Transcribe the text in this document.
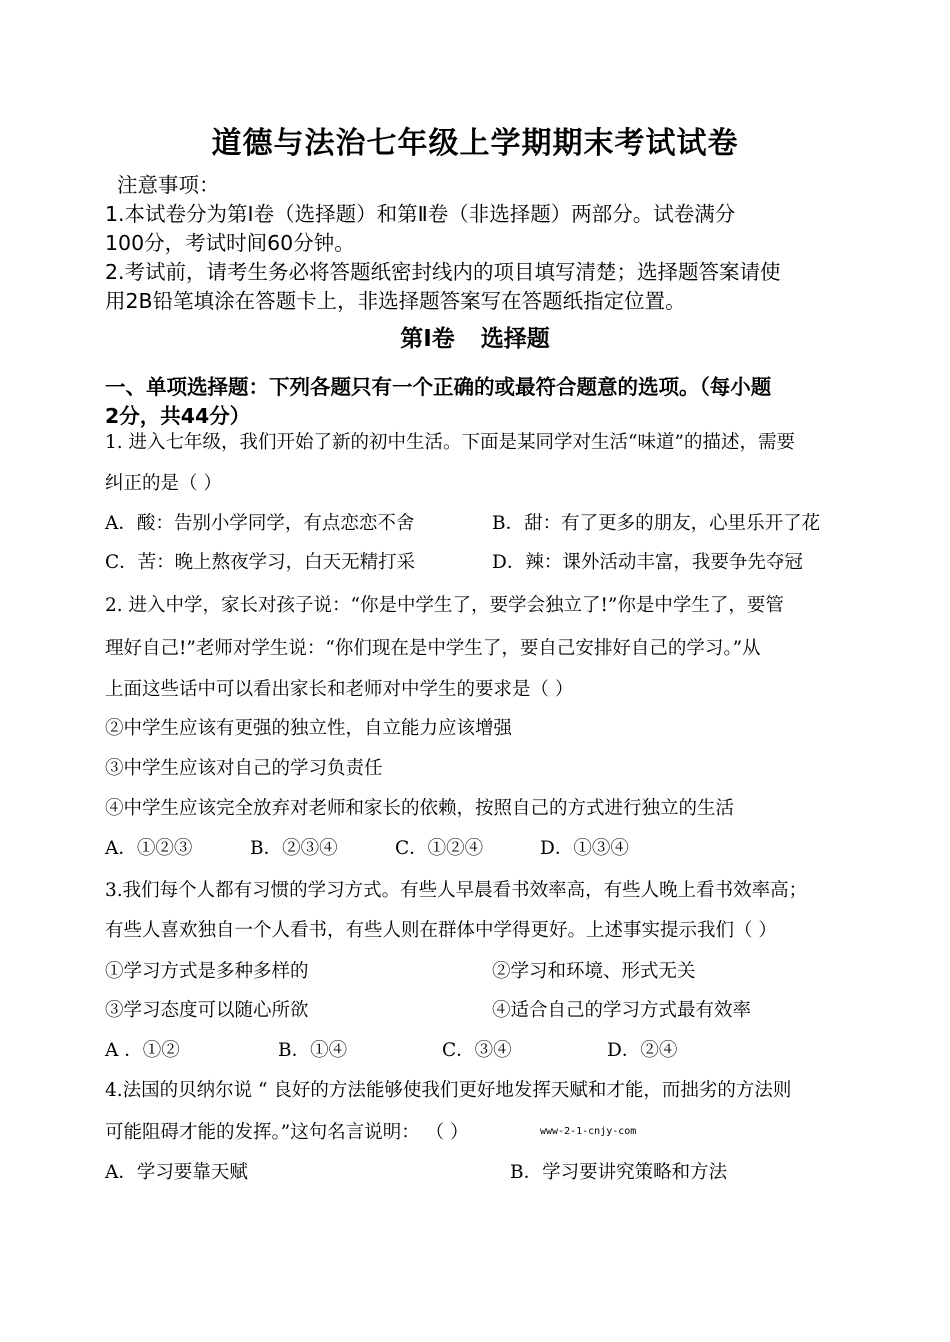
道德与法治七年级上学期期末考试试卷
注意事项：
1.本试卷分为第Ⅰ卷（选择题）和第Ⅱ卷（非选择题）两部分。试卷满分
100分，考试时间60分钟。
2.考试前，请考生务必将答题纸密封线内的项目填写清楚；选择题答案请使
用2B铅笔填涂在答题卡上，非选择题答案写在答题纸指定位置。
第Ⅰ卷 选择题
一、单项选择题：下列各题只有一个正确的或最符合题意的选项。（每小题
2分，共44分）
1. 进入七年级，我们开始了新的初中生活。下面是某同学对生活“味道”的描述，需要
纠正的是（ ）
A．酸：告别小学同学，有点恋恋不舍	B．甜：有了更多的朋友，心里乐开了花
C．苦：晚上熬夜学习，白天无精打采	D．辣：课外活动丰富，我要争先夺冠
2. 进入中学，家长对孩子说：“你是中学生了，要学会独立了!”你是中学生了，要管
理好自己!”老师对学生说：“你们现在是中学生了，要自己安排好自己的学习。”从
上面这些话中可以看出家长和老师对中学生的要求是（ ）
②中学生应该有更强的独立性，自立能力应该增强
③中学生应该对自己的学习负责任
④中学生应该完全放弃对老师和家长的依赖，按照自己的方式进行独立的生活
A．①②③	B．②③④	C．①②④	D．①③④
3.我们每个人都有习惯的学习方式。有些人早晨看书效率高，有些人晚上看书效率高；
有些人喜欢独自一个人看书，有些人则在群体中学得更好。上述事实提示我们（ ）
①学习方式是多种多样的	②学习和环境、形式无关
③学习态度可以随心所欲	④适合自己的学习方式最有效率
A ．①②	B．①④	C．③④	D．②④
4.法国的贝纳尔说 “ 良好的方法能够使我们更好地发挥天赋和才能，而拙劣的方法则
可能阻碍才能的发挥。”这句名言说明： （ ）	www-2-1-cnjy-com
A．学习要靠天赋	B．学习要讲究策略和方法
